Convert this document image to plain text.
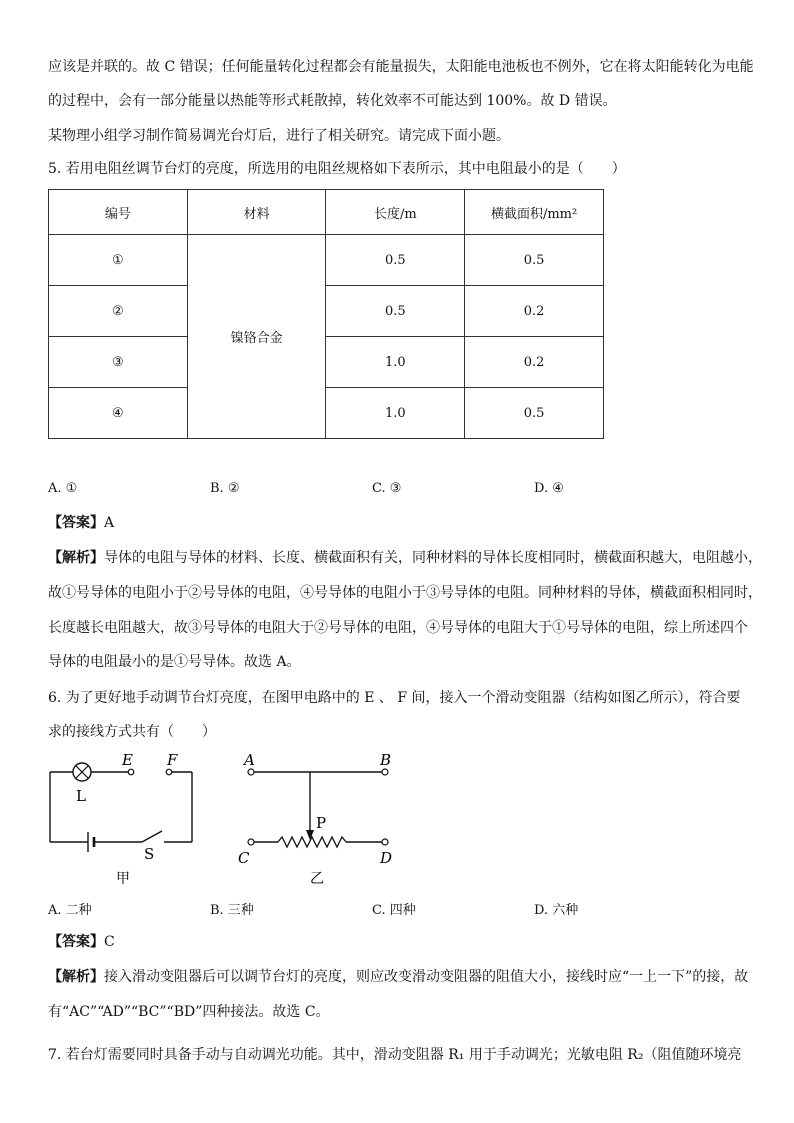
应该是并联的。故 C 错误；任何能量转化过程都会有能量损失，太阳能电池板也不例外，它在将太阳能转化为电能
的过程中，会有一部分能量以热能等形式耗散掉，转化效率不可能达到 100%。故 D 错误。
某物理小组学习制作简易调光台灯后，进行了相关研究。请完成下面小题。
5. 若用电阻丝调节台灯的亮度，所选用的电阻丝规格如下表所示，其中电阻最小的是（　　）
编号	材料	长度/m	横截面积/mm²
①	镍铬合金	0.5	0.5
②		0.5	0.2
③		1.0	0.2
④		1.0	0.5
A. ①	B. ②	C. ③	D. ④
【答案】A
【解析】导体的电阻与导体的材料、长度、横截面积有关，同种材料的导体长度相同时，横截面积越大，电阻越小，
故①号导体的电阻小于②号导体的电阻，④号导体的电阻小于③号导体的电阻。同种材料的导体，横截面积相同时，
长度越长电阻越大，故③号导体的电阻大于②号导体的电阻，④号导体的电阻大于①号导体的电阻，综上所述四个
导体的电阻最小的是①号导体。故选 A。
6. 为了更好地手动调节台灯亮度，在图甲电路中的 E 、 F 间，接入一个滑动变阻器（结构如图乙所示），符合要
求的接线方式共有（　　）
E F
L
S
甲
A	B
P
C	D
乙
A. 二种	B. 三种	C. 四种	D. 六种
【答案】C
【解析】接入滑动变阻器后可以调节台灯的亮度，则应改变滑动变阻器的阻值大小，接线时应“一上一下”的接，故
有“AC”“AD”“BC”“BD”四种接法。故选 C。
7. 若台灯需要同时具备手动与自动调光功能。其中，滑动变阻器 R₁ 用于手动调光；光敏电阻 R₂（阻值随环境亮
